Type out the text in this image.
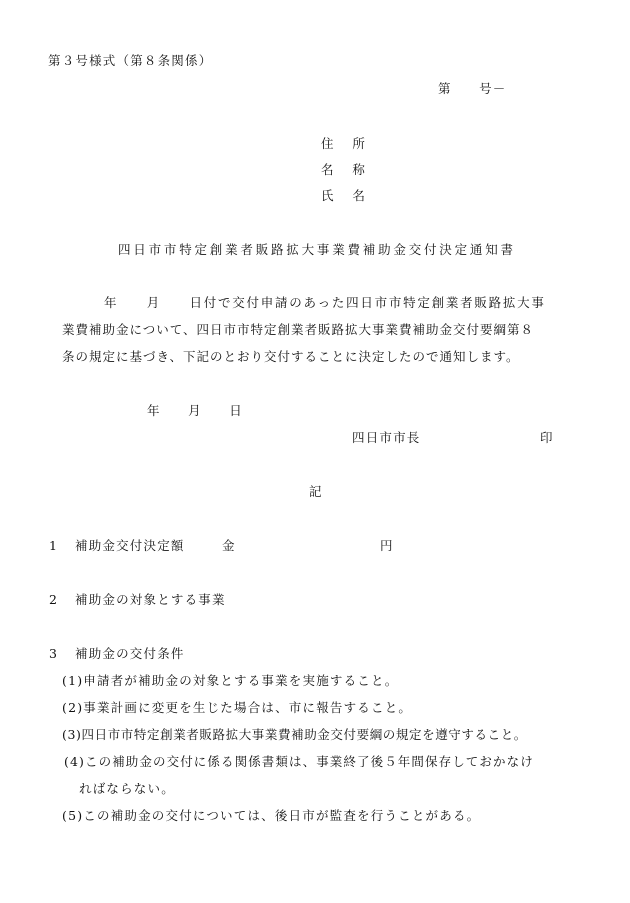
第３号様式（第８条関係）
第　　号－
住　所
名　称
氏　名
四日市市特定創業者販路拡大事業費補助金交付決定通知書
年　　月　　日付で交付申請のあった四日市市特定創業者販路拡大事
業費補助金について、四日市市特定創業者販路拡大事業費補助金交付要綱第８
条の規定に基づき、下記のとおり交付することに決定したので通知します。
年　　月　　日
四日市市長	印
記
1 補助金交付決定額	金	円
2 補助金の対象とする事業
3 補助金の交付条件
(1)申請者が補助金の対象とする事業を実施すること。
(2)事業計画に変更を生じた場合は、市に報告すること。
(3)四日市市特定創業者販路拡大事業費補助金交付要綱の規定を遵守すること。
(4)この補助金の交付に係る関係書類は、事業終了後５年間保存しておかなけ
ればならない。
(5)この補助金の交付については、後日市が監査を行うことがある。
